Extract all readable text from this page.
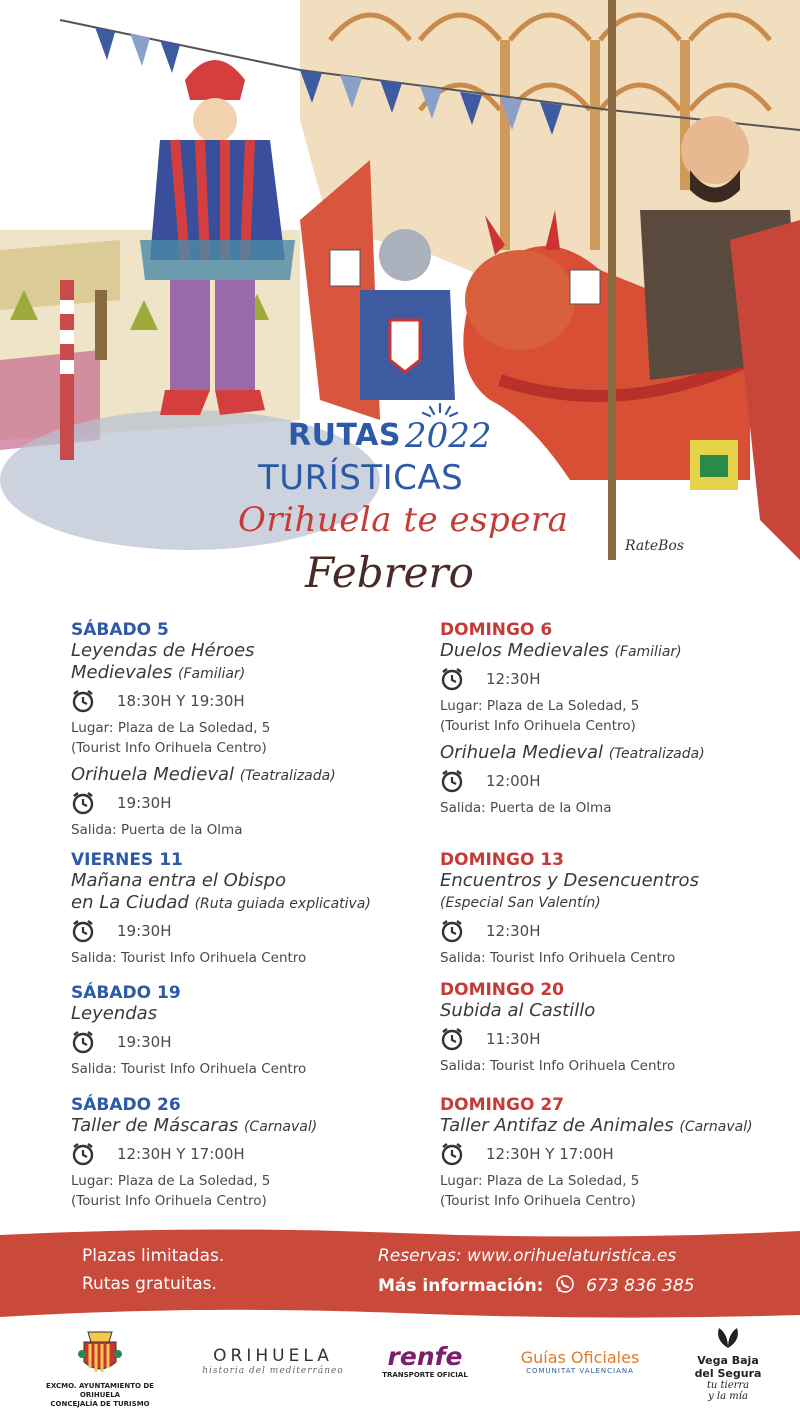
RateBos
RUTAS 2022
TURÍSTICAS
Orihuela te espera
Febrero
SÁBADO 5
Leyendas de Héroes
Medievales (Familiar)
18:30H Y 19:30H
Lugar: Plaza de La Soledad, 5
(Tourist Info Orihuela Centro)
Orihuela Medieval (Teatralizada)
19:30H
Salida: Puerta de la Olma
VIERNES 11
Mañana entra el Obispo
en La Ciudad (Ruta guiada explicativa)
19:30H
Salida: Tourist Info Orihuela Centro
SÁBADO 19
Leyendas
19:30H
Salida: Tourist Info Orihuela Centro
SÁBADO 26
Taller de Máscaras (Carnaval)
12:30H Y 17:00H
Lugar: Plaza de La Soledad, 5
(Tourist Info Orihuela Centro)
DOMINGO 6
Duelos Medievales (Familiar)
12:30H
Lugar: Plaza de La Soledad, 5
(Tourist Info Orihuela Centro)
Orihuela Medieval (Teatralizada)
12:00H
Salida: Puerta de la Olma
DOMINGO 13
Encuentros y Desencuentros
(Especial San Valentín)
12:30H
Salida: Tourist Info Orihuela Centro
DOMINGO 20
Subida al Castillo
11:30H
Salida: Tourist Info Orihuela Centro
DOMINGO 27
Taller Antifaz de Animales (Carnaval)
12:30H Y 17:00H
Lugar: Plaza de La Soledad, 5
(Tourist Info Orihuela Centro)
Plazas limitadas.
Rutas gratuitas.
Reservas: www.orihuelaturistica.es
Más información:	673 836 385
EXCMO. AYUNTAMIENTO DE ORIHUELA
CONCEJALÍA DE TURISMO
ORIHUELA
historia del mediterráneo	renfe
TRANSPORTE OFICIAL
Guías Oficiales
COMUNITAT VALENCIANA
Vega Baja
del Segura
tu tierra
y la mía
